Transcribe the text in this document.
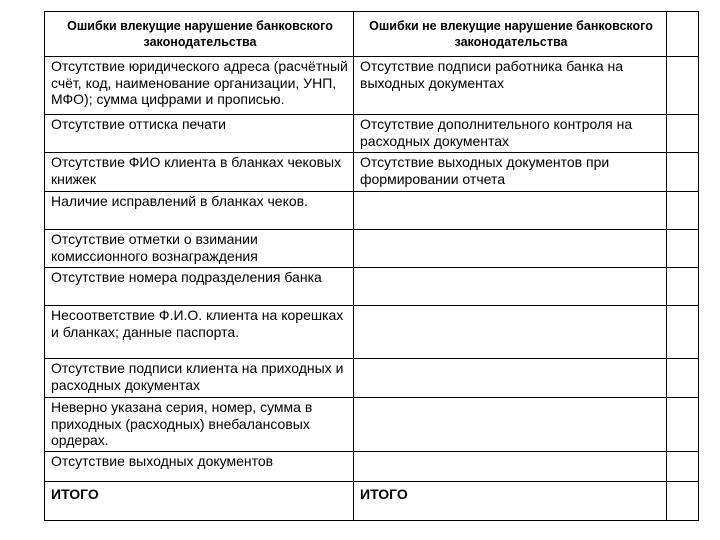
Ошибки влекущие нарушение банковского законодательства	Ошибки не влекущие нарушение банковского законодательства	
Отсутствие юридического адреса (расчётный счёт, код, наименование организации, УНП, МФО); сумма цифрами и прописью.	Отсутствие подписи работника банка на выходных документах	
Отсутствие оттиска печати	Отсутствие дополнительного контроля на расходных документах	
Отсутствие ФИО клиента в бланках чековых книжек	Отсутствие выходных документов при формировании отчета	
Наличие исправлений в бланках чеков.		
Отсутствие отметки о взимании комиссионного вознаграждения		
Отсутствие номера подразделения банка		
Несоответствие Ф.И.О. клиента на корешках и бланках; данные паспорта.		
Отсутствие подписи клиента на приходных и расходных документах		
Неверно указана серия, номер, сумма в приходных (расходных) внебалансовых ордерах.		
Отсутствие выходных документов		
ИТОГО	ИТОГО	
